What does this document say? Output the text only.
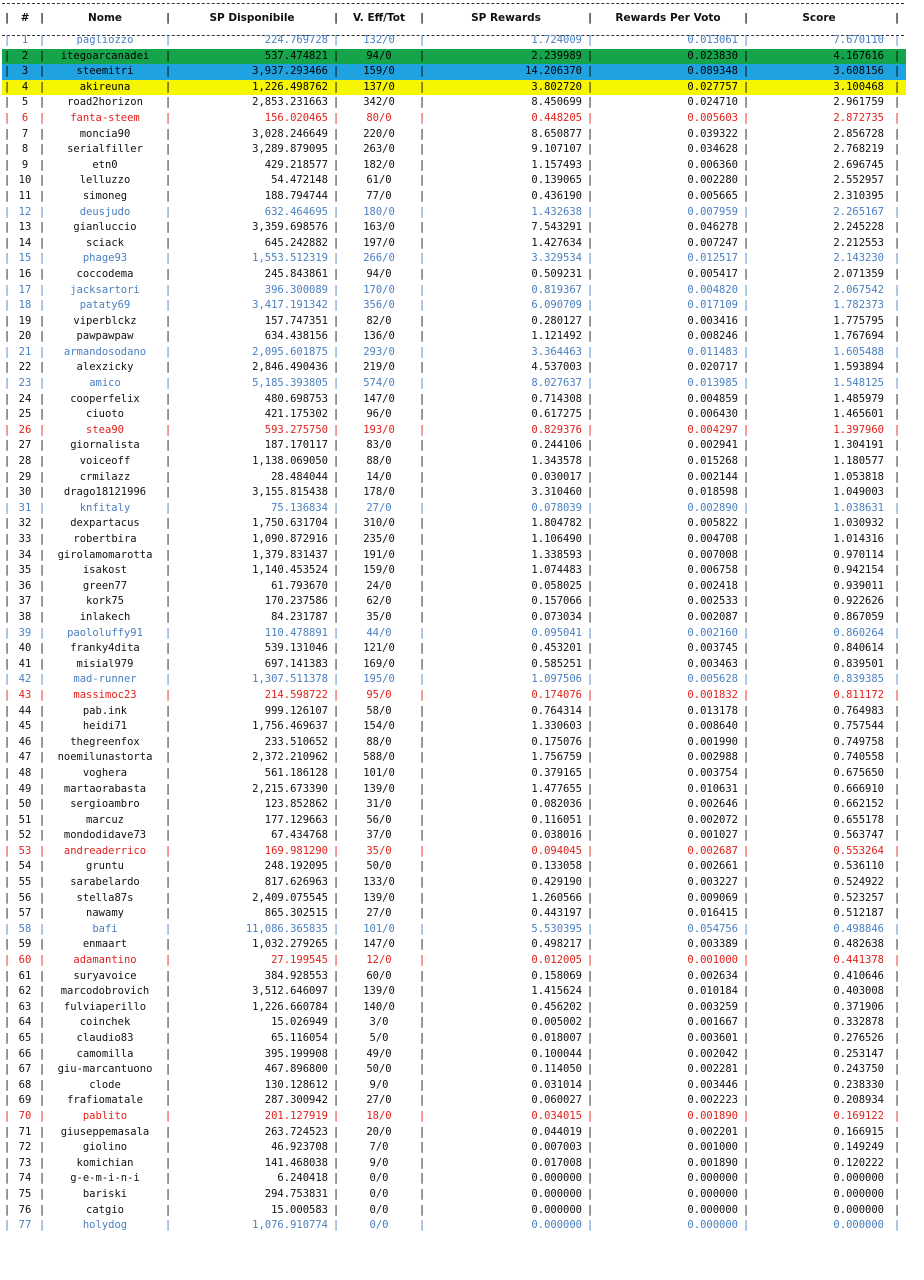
|	#	|	Nome	|	SP Disponibile	|	V. Eff/Tot	|	SP Rewards	|	Rewards Per Voto	|	Score	|
|	1	|	pagliozzo	|	224.769728	|	132/0	|	1.724009	|	0.013061	|	7.670110	|
|	2	|	itegoarcanadei	|	537.474821	|	94/0	|	2.239989	|	0.023830	|	4.167616	|
|	3	|	steemitri	|	3,937.293466	|	159/0	|	14.206370	|	0.089348	|	3.608156	|
|	4	|	akireuna	|	1,226.498762	|	137/0	|	3.802720	|	0.027757	|	3.100468	|
|	5	|	road2horizon	|	2,853.231663	|	342/0	|	8.450699	|	0.024710	|	2.961759	|
|	6	|	fanta-steem	|	156.020465	|	80/0	|	0.448205	|	0.005603	|	2.872735	|
|	7	|	moncia90	|	3,028.246649	|	220/0	|	8.650877	|	0.039322	|	2.856728	|
|	8	|	serialfiller	|	3,289.879095	|	263/0	|	9.107107	|	0.034628	|	2.768219	|
|	9	|	etn0	|	429.218577	|	182/0	|	1.157493	|	0.006360	|	2.696745	|
|	10	|	lelluzzo	|	54.472148	|	61/0	|	0.139065	|	0.002280	|	2.552957	|
|	11	|	simoneg	|	188.794744	|	77/0	|	0.436190	|	0.005665	|	2.310395	|
|	12	|	deusjudo	|	632.464695	|	180/0	|	1.432638	|	0.007959	|	2.265167	|
|	13	|	gianluccio	|	3,359.698576	|	163/0	|	7.543291	|	0.046278	|	2.245228	|
|	14	|	sciack	|	645.242882	|	197/0	|	1.427634	|	0.007247	|	2.212553	|
|	15	|	phage93	|	1,553.512319	|	266/0	|	3.329534	|	0.012517	|	2.143230	|
|	16	|	coccodema	|	245.843861	|	94/0	|	0.509231	|	0.005417	|	2.071359	|
|	17	|	jacksartori	|	396.300089	|	170/0	|	0.819367	|	0.004820	|	2.067542	|
|	18	|	pataty69	|	3,417.191342	|	356/0	|	6.090709	|	0.017109	|	1.782373	|
|	19	|	viperblckz	|	157.747351	|	82/0	|	0.280127	|	0.003416	|	1.775795	|
|	20	|	pawpawpaw	|	634.438156	|	136/0	|	1.121492	|	0.008246	|	1.767694	|
|	21	|	armandosodano	|	2,095.601875	|	293/0	|	3.364463	|	0.011483	|	1.605488	|
|	22	|	alexzicky	|	2,846.490436	|	219/0	|	4.537003	|	0.020717	|	1.593894	|
|	23	|	amico	|	5,185.393805	|	574/0	|	8.027637	|	0.013985	|	1.548125	|
|	24	|	cooperfelix	|	480.698753	|	147/0	|	0.714308	|	0.004859	|	1.485979	|
|	25	|	ciuoto	|	421.175302	|	96/0	|	0.617275	|	0.006430	|	1.465601	|
|	26	|	stea90	|	593.275750	|	193/0	|	0.829376	|	0.004297	|	1.397960	|
|	27	|	giornalista	|	187.170117	|	83/0	|	0.244106	|	0.002941	|	1.304191	|
|	28	|	voiceoff	|	1,138.069050	|	88/0	|	1.343578	|	0.015268	|	1.180577	|
|	29	|	crmilazz	|	28.484044	|	14/0	|	0.030017	|	0.002144	|	1.053818	|
|	30	|	drago18121996	|	3,155.815438	|	178/0	|	3.310460	|	0.018598	|	1.049003	|
|	31	|	knfitaly	|	75.136834	|	27/0	|	0.078039	|	0.002890	|	1.038631	|
|	32	|	dexpartacus	|	1,750.631704	|	310/0	|	1.804782	|	0.005822	|	1.030932	|
|	33	|	robertbira	|	1,090.872916	|	235/0	|	1.106490	|	0.004708	|	1.014316	|
|	34	|	girolamomarotta	|	1,379.831437	|	191/0	|	1.338593	|	0.007008	|	0.970114	|
|	35	|	isakost	|	1,140.453524	|	159/0	|	1.074483	|	0.006758	|	0.942154	|
|	36	|	green77	|	61.793670	|	24/0	|	0.058025	|	0.002418	|	0.939011	|
|	37	|	kork75	|	170.237586	|	62/0	|	0.157066	|	0.002533	|	0.922626	|
|	38	|	inlakech	|	84.231787	|	35/0	|	0.073034	|	0.002087	|	0.867059	|
|	39	|	paololuffy91	|	110.478891	|	44/0	|	0.095041	|	0.002160	|	0.860264	|
|	40	|	franky4dita	|	539.131046	|	121/0	|	0.453201	|	0.003745	|	0.840614	|
|	41	|	misial979	|	697.141383	|	169/0	|	0.585251	|	0.003463	|	0.839501	|
|	42	|	mad-runner	|	1,307.511378	|	195/0	|	1.097506	|	0.005628	|	0.839385	|
|	43	|	massimoc23	|	214.598722	|	95/0	|	0.174076	|	0.001832	|	0.811172	|
|	44	|	pab.ink	|	999.126107	|	58/0	|	0.764314	|	0.013178	|	0.764983	|
|	45	|	heidi71	|	1,756.469637	|	154/0	|	1.330603	|	0.008640	|	0.757544	|
|	46	|	thegreenfox	|	233.510652	|	88/0	|	0.175076	|	0.001990	|	0.749758	|
|	47	|	noemilunastorta	|	2,372.210962	|	588/0	|	1.756759	|	0.002988	|	0.740558	|
|	48	|	voghera	|	561.186128	|	101/0	|	0.379165	|	0.003754	|	0.675650	|
|	49	|	martaorabasta	|	2,215.673390	|	139/0	|	1.477655	|	0.010631	|	0.666910	|
|	50	|	sergioambro	|	123.852862	|	31/0	|	0.082036	|	0.002646	|	0.662152	|
|	51	|	marcuz	|	177.129663	|	56/0	|	0.116051	|	0.002072	|	0.655178	|
|	52	|	mondodidave73	|	67.434768	|	37/0	|	0.038016	|	0.001027	|	0.563747	|
|	53	|	andreaderrico	|	169.981290	|	35/0	|	0.094045	|	0.002687	|	0.553264	|
|	54	|	gruntu	|	248.192095	|	50/0	|	0.133058	|	0.002661	|	0.536110	|
|	55	|	sarabelardo	|	817.626963	|	133/0	|	0.429190	|	0.003227	|	0.524922	|
|	56	|	stella87s	|	2,409.075545	|	139/0	|	1.260566	|	0.009069	|	0.523257	|
|	57	|	nawamy	|	865.302515	|	27/0	|	0.443197	|	0.016415	|	0.512187	|
|	58	|	bafi	|	11,086.365835	|	101/0	|	5.530395	|	0.054756	|	0.498846	|
|	59	|	enmaart	|	1,032.279265	|	147/0	|	0.498217	|	0.003389	|	0.482638	|
|	60	|	adamantino	|	27.199545	|	12/0	|	0.012005	|	0.001000	|	0.441378	|
|	61	|	suryavoice	|	384.928553	|	60/0	|	0.158069	|	0.002634	|	0.410646	|
|	62	|	marcodobrovich	|	3,512.646097	|	139/0	|	1.415624	|	0.010184	|	0.403008	|
|	63	|	fulviaperillo	|	1,226.660784	|	140/0	|	0.456202	|	0.003259	|	0.371906	|
|	64	|	coinchek	|	15.026949	|	3/0	|	0.005002	|	0.001667	|	0.332878	|
|	65	|	claudio83	|	65.116054	|	5/0	|	0.018007	|	0.003601	|	0.276526	|
|	66	|	camomilla	|	395.199908	|	49/0	|	0.100044	|	0.002042	|	0.253147	|
|	67	|	giu-marcantuono	|	467.896800	|	50/0	|	0.114050	|	0.002281	|	0.243750	|
|	68	|	clode	|	130.128612	|	9/0	|	0.031014	|	0.003446	|	0.238330	|
|	69	|	frafiomatale	|	287.300942	|	27/0	|	0.060027	|	0.002223	|	0.208934	|
|	70	|	pablito	|	201.127919	|	18/0	|	0.034015	|	0.001890	|	0.169122	|
|	71	|	giuseppemasala	|	263.724523	|	20/0	|	0.044019	|	0.002201	|	0.166915	|
|	72	|	giolino	|	46.923708	|	7/0	|	0.007003	|	0.001000	|	0.149249	|
|	73	|	komichian	|	141.468038	|	9/0	|	0.017008	|	0.001890	|	0.120222	|
|	74	|	g-e-m-i-n-i	|	6.240418	|	0/0	|	0.000000	|	0.000000	|	0.000000	|
|	75	|	bariski	|	294.753831	|	0/0	|	0.000000	|	0.000000	|	0.000000	|
|	76	|	catgio	|	15.000583	|	0/0	|	0.000000	|	0.000000	|	0.000000	|
|	77	|	holydog	|	1,076.910774	|	0/0	|	0.000000	|	0.000000	|	0.000000	|
